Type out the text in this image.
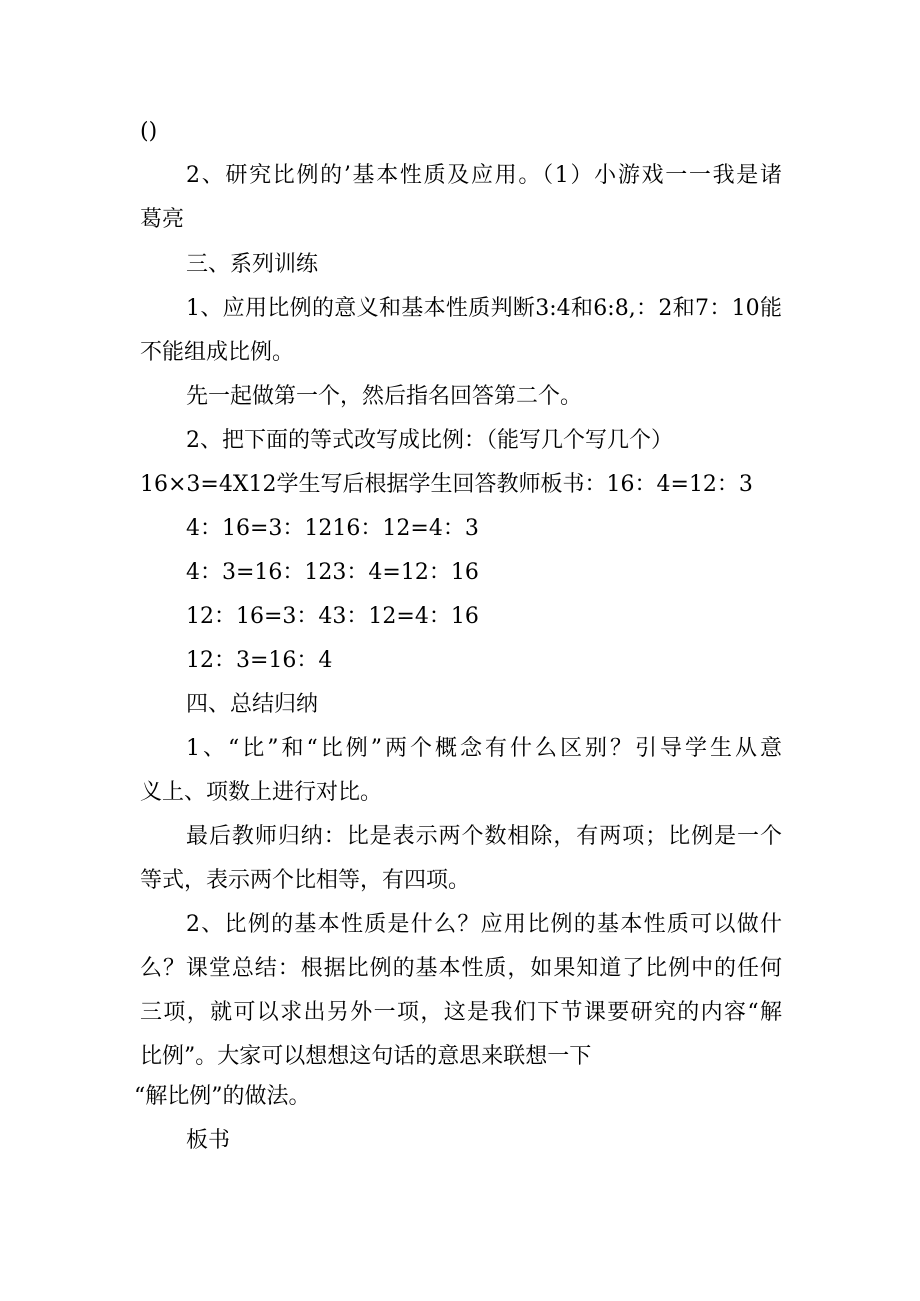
()
2、研究比例的’基本性质及应用。（1）小游戏一一我是诸
葛亮
三、系列训练
1、应用比例的意义和基本性质判断3:4和6:8,：2和7：10能
不能组成比例。
先一起做第一个，然后指名回答第二个。
2、把下面的等式改写成比例：（能写几个写几个）
16×3=4X12学生写后根据学生回答教师板书：16：4=12：3
4：16=3：1216：12=4：3
4：3=16：123：4=12：16
12：16=3：43：12=4：16
12：3=16：4
四、总结归纳
1、“比”和“比例”两个概念有什么区别？引导学生从意
义上、项数上进行对比。
最后教师归纳：比是表示两个数相除，有两项；比例是一个
等式，表示两个比相等，有四项。
2、比例的基本性质是什么？应用比例的基本性质可以做什
么？课堂总结：根据比例的基本性质，如果知道了比例中的任何
三项，就可以求出另外一项，这是我们下节课要研究的内容“解
比例”。大家可以想想这句话的意思来联想一下
“解比例”的做法。
板书
